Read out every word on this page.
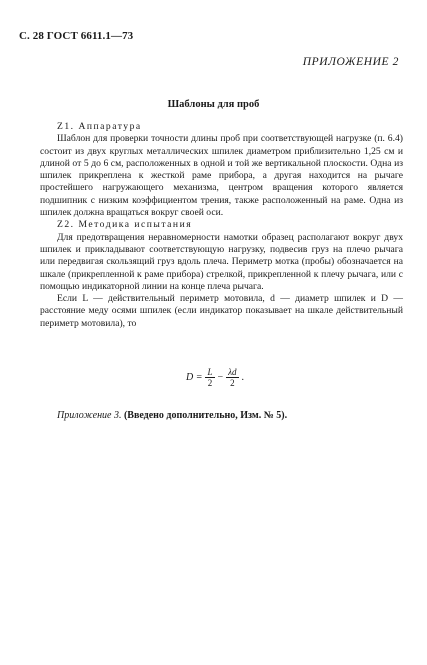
С. 28 ГОСТ 6611.1—73
ПРИЛОЖЕНИЕ 2
Шаблоны для проб

Z1. Аппаратура

Шаблон для проверки точности длины проб при соответствующей нагрузке (п. 6.4) состоит из двух круглых металлических шпилек диаметром приблизительно 1,25 см и длиной от 5 до 6 см, расположенных в одной и той же вертикальной плоскости. Одна из шпилек прикреплена к жесткой раме прибора, а другая находится на рычаге простейшего нагружающего механизма, центром вращения которого является подшипник с низким коэффициентом трения, также расположенный на раме. Одна из шпилек должна вращаться вокруг своей оси.

Z2. Методика испытания

Для предотвращения неравномерности намотки образец располагают вокруг двух шпилек и прикладывают соответствующую нагрузку, подвесив груз на плечо рычага или передвигая скользящий груз вдоль плеча. Периметр мотка (пробы) обозначается на шкале (прикрепленной к раме прибора) стрелкой, прикрепленной к плечу рычага, или с помощью индикаторной линии на конце плеча рычага.

Если L — действительный периметр мотовила, d — диаметр шпилек и D — расстояние меду осями шпилек (если индикатор показывает на шкале действительный периметр мотовила), то

$D = \frac{L}{2} - \frac{\lambda d}{2}$ .
Приложение 3. (Введено дополнительно, Изм. № 5).
